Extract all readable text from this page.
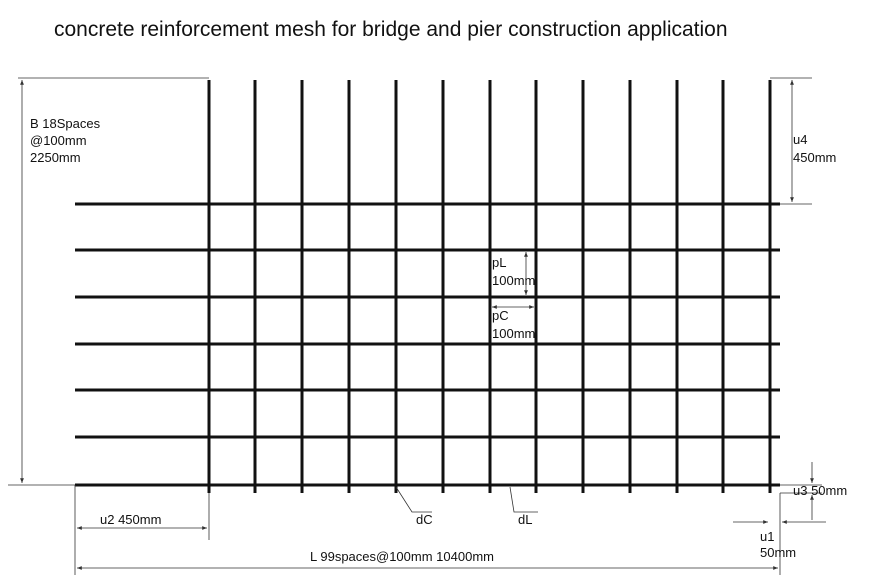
concrete reinforcement mesh for bridge and pier construction application
B 18Spaces
@100mm
2250mm
u4
450mm
pL
100mm
pC
100mm
u2 450mm	dC	dL
u3 50mm
u1
50mm
L 99spaces@100mm 10400mm
